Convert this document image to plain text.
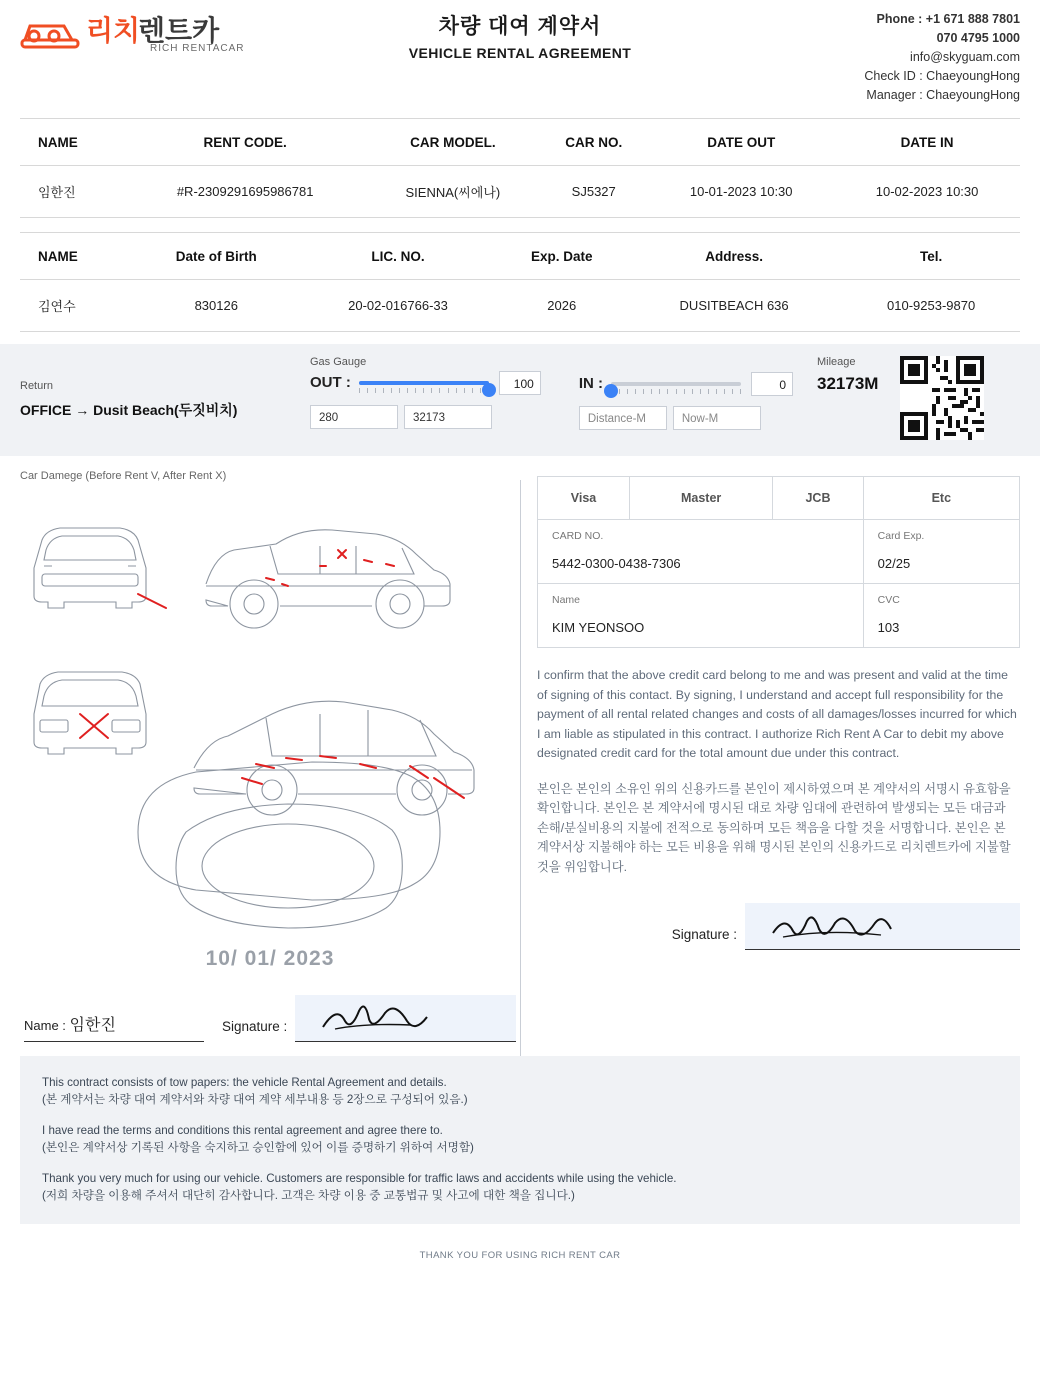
리치
렌트카
RICH RENTACAR
차량 대여 계약서
VEHICLE RENTAL AGREEMENT
Phone : +1 671 888 7801
070 4795 1000
info@skyguam.com
Check ID : ChaeyoungHong
Manager : ChaeyoungHong
NAME	RENT CODE.	CAR MODEL.	CAR NO.	DATE OUT	DATE IN
임한진	#R-2309291695986781	SIENNA(씨에나)	SJ5327	10-01-2023 10:30	10-02-2023 10:30
NAME	Date of Birth	LIC. NO.	Exp. Date	Address.	Tel.
김연수	830126	20-02-016766-33	2026	DUSITBEACH 636	010-9253-9870
Return
OFFICE → Dusit Beach(두짓비치)
Gas Gauge
OUT :	100
280	32173
IN :	0
Distance-M	Now-M
Mileage
32173M
Car Damege (Before Rent V, After Rent X)
10/ 01/ 2023
Name : 임한진	Signature :
Visa	Master	JCB	Etc

CARD NO.
5442-0300-0438-7306

Card Exp.
02/25

Name
KIM YEONSOO

CVC
103
I confirm that the above credit card belong to me and was present and valid at the time of signing of this contact. By signing, I understand and accept full responsibility for the payment of all rental related changes and costs of all damages/losses incurred for which I am liable as stipulated in this contract. I authorize Rich Rent A Car to debit my above designated credit card for the total amount due under this contract.
본인은 본인의 소유인 위의 신용카드를 본인이 제시하였으며 본 계약서의 서명시 유효함을 확인합니다. 본인은 본 계약서에 명시된 대로 차량 임대에 관련하여 발생되는 모든 대금과 손해/분실비용의 지불에 전적으로 동의하며 모든 책음을 다할 것을 서명합니다. 본인은 본 계약서상 지불해야 하는 모든 비용을 위해 명시된 본인의 신용카드로 리치렌트카에 지불할 것을 위임합니다.
Signature :

This contract consists of tow papers: the vehicle Rental Agreement and details.
(본 계약서는 차량 대여 계약서와 차량 대여 계약 세부내용 등 2장으로 구성되어 있음.)

I have read the terms and conditions this rental agreement and agree there to.
(본인은 계약서상 기록된 사항을 숙지하고 승인함에 있어 이를 증명하기 위하여 서명함)

Thank you very much for using our vehicle. Customers are responsible for traffic laws and accidents while using the vehicle.
(저희 차량을 이용해 주셔서 대단히 감사합니다. 고객은 차량 이용 중 교통법규 및 사고에 대한 책을 집니다.)

THANK YOU FOR USING RICH RENT CAR
